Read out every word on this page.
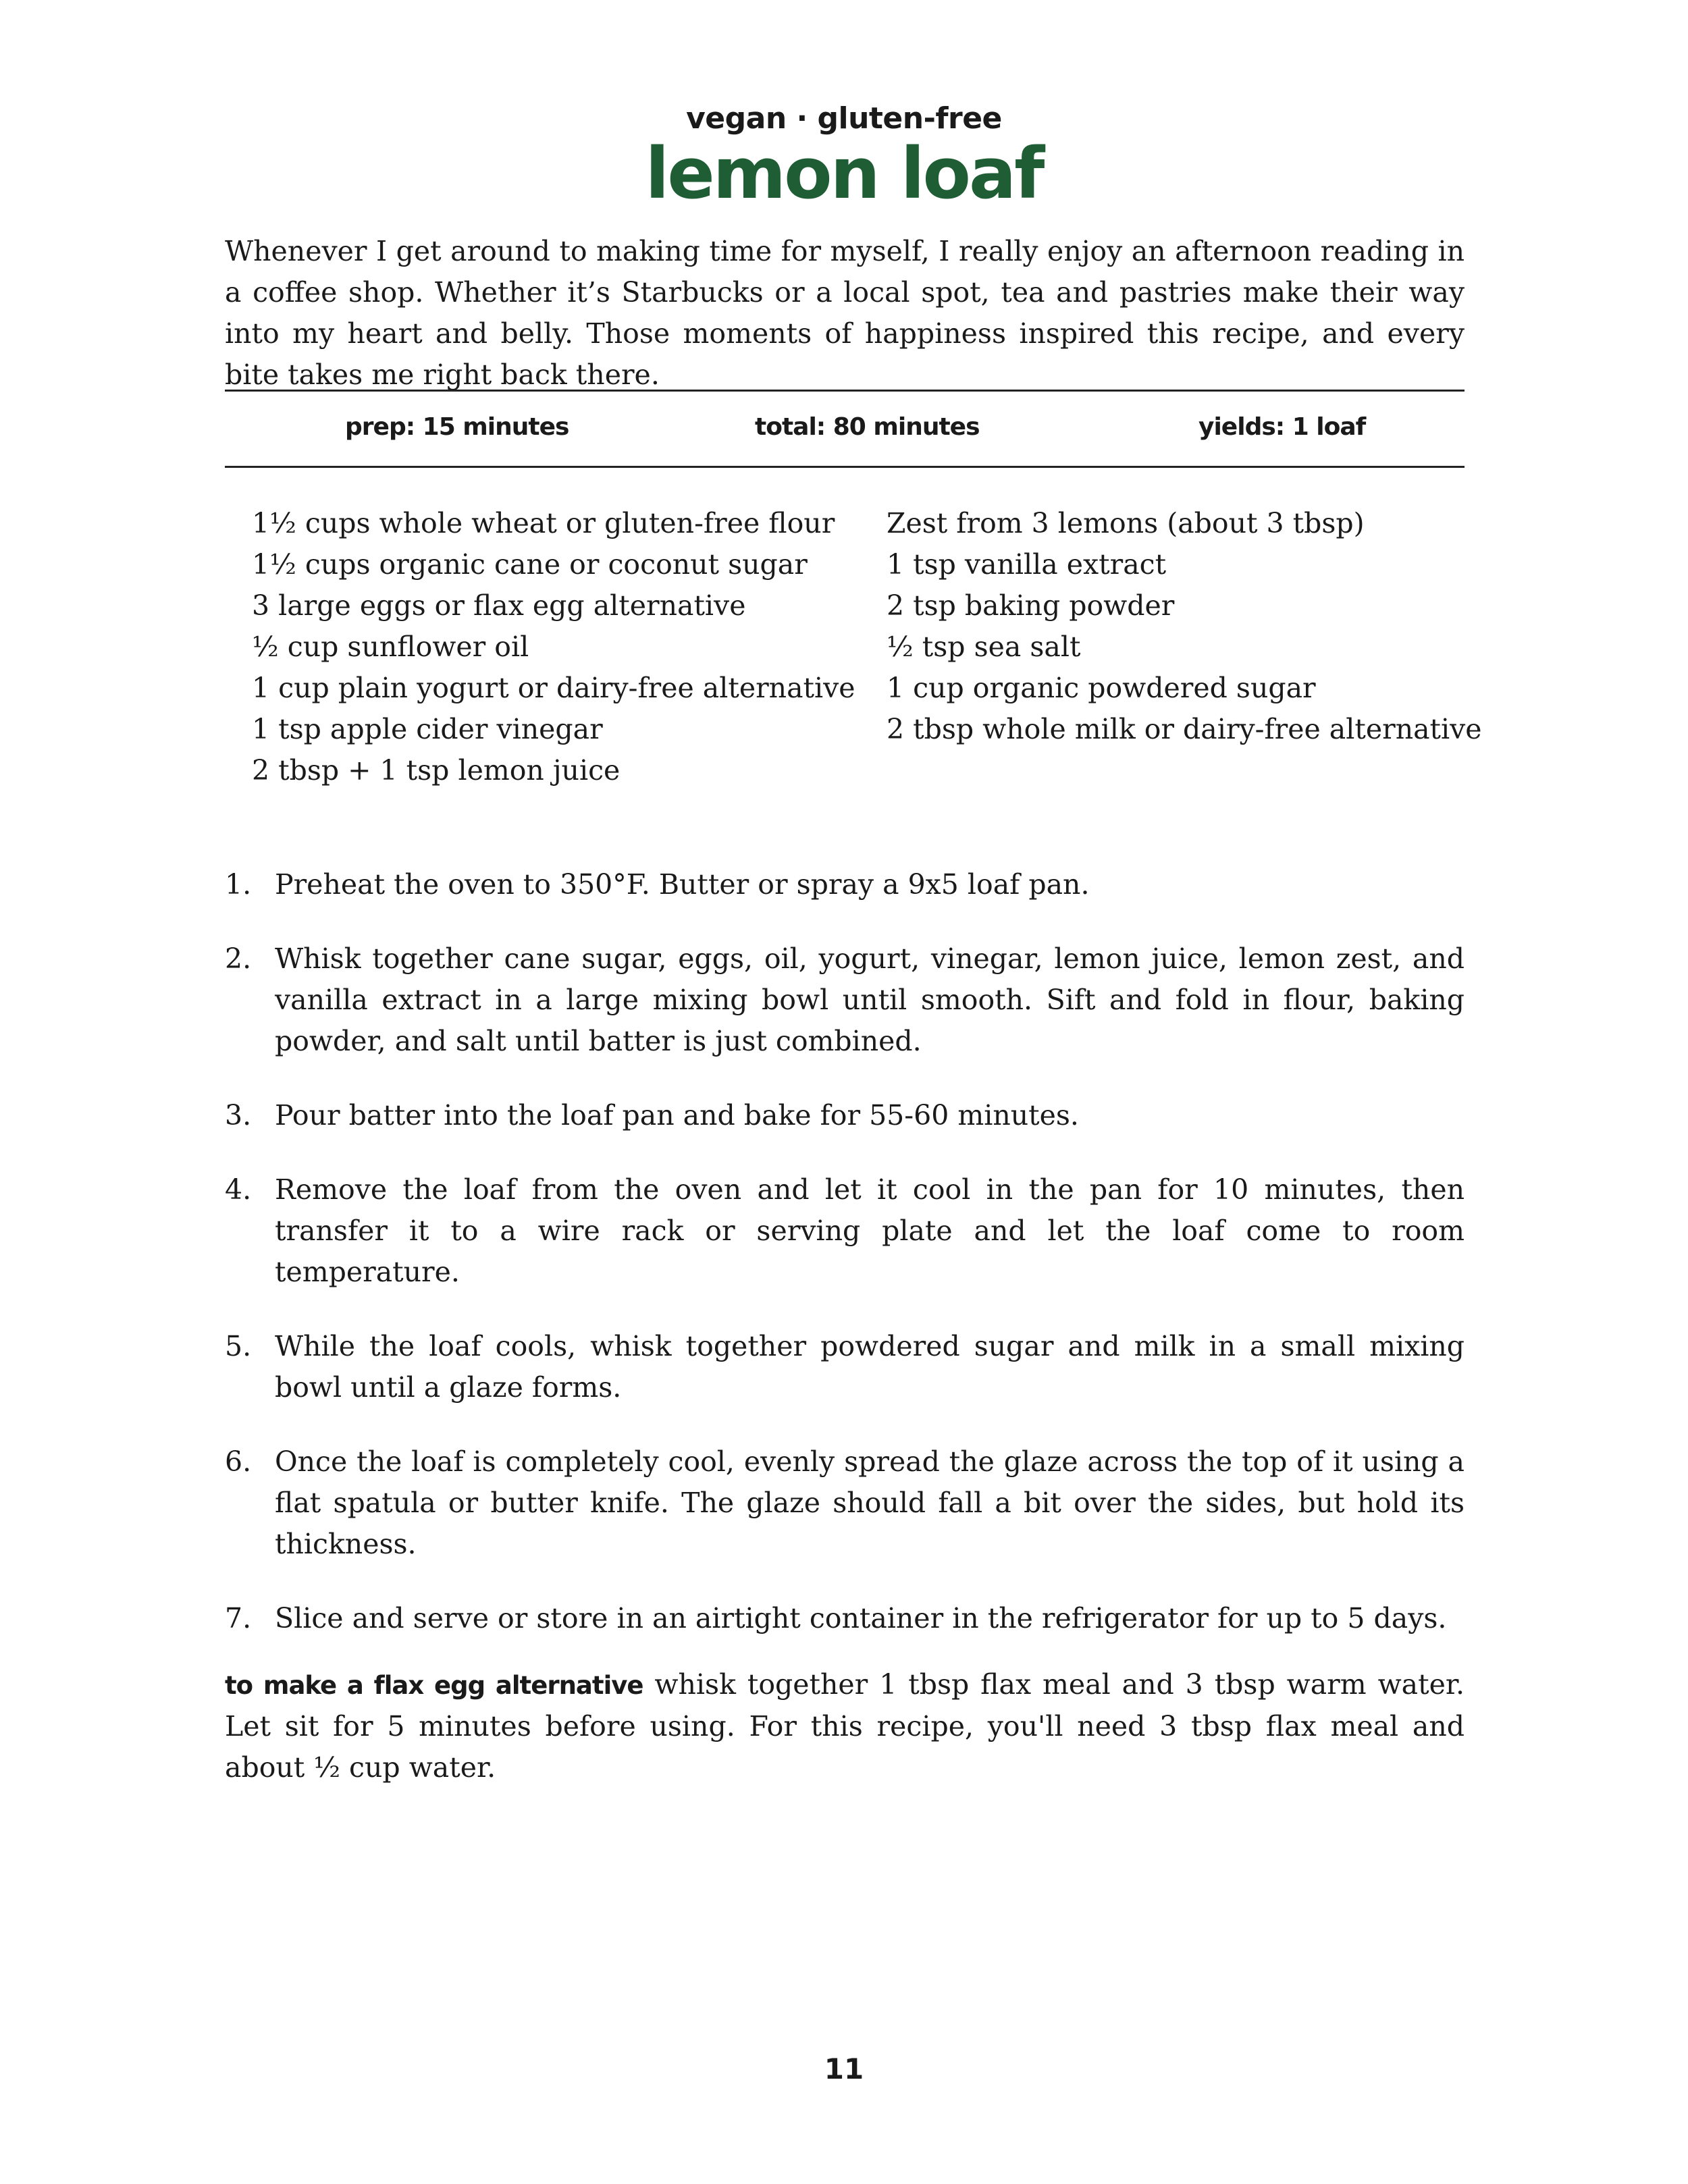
vegan · gluten-free
lemon loaf
Whenever I get around to making time for myself, I really enjoy an afternoon reading in a coffee shop. Whether it’s Starbucks or a local spot, tea and pastries make their way into my heart and belly. Those moments of happiness inspired this recipe, and every bite takes me right back there.
prep: 15 minutes	total: 80 minutes	yields: 1 loaf
1½ cups whole wheat or gluten-free flour
1½ cups organic cane or coconut sugar
3 large eggs or flax egg alternative
½ cup sunflower oil
1 cup plain yogurt or dairy-free alternative
1 tsp apple cider vinegar
2 tbsp + 1 tsp lemon juice
Zest from 3 lemons (about 3 tbsp)
1 tsp vanilla extract
2 tsp baking powder
½ tsp sea salt
1 cup organic powdered sugar
2 tbsp whole milk or dairy-free alternative
1. Preheat the oven to 350°F. Butter or spray a 9x5 loaf pan.
2. Whisk together cane sugar, eggs, oil, yogurt, vinegar, lemon juice, lemon zest, and vanilla extract in a large mixing bowl until smooth. Sift and fold in flour, baking powder, and salt until batter is just combined.
3. Pour batter into the loaf pan and bake for 55-60 minutes.
4. Remove the loaf from the oven and let it cool in the pan for 10 minutes, then transfer it to a wire rack or serving plate and let the loaf come to room temperature.
5. While the loaf cools, whisk together powdered sugar and milk in a small mixing bowl until a glaze forms.
6. Once the loaf is completely cool, evenly spread the glaze across the top of it using a flat spatula or butter knife. The glaze should fall a bit over the sides, but hold its thickness.
7. Slice and serve or store in an airtight container in the refrigerator for up to 5 days.
to make a flax egg alternative whisk together 1 tbsp flax meal and 3 tbsp warm water. Let sit for 5 minutes before using. For this recipe, you'll need 3 tbsp flax meal and about ½ cup water.
11
